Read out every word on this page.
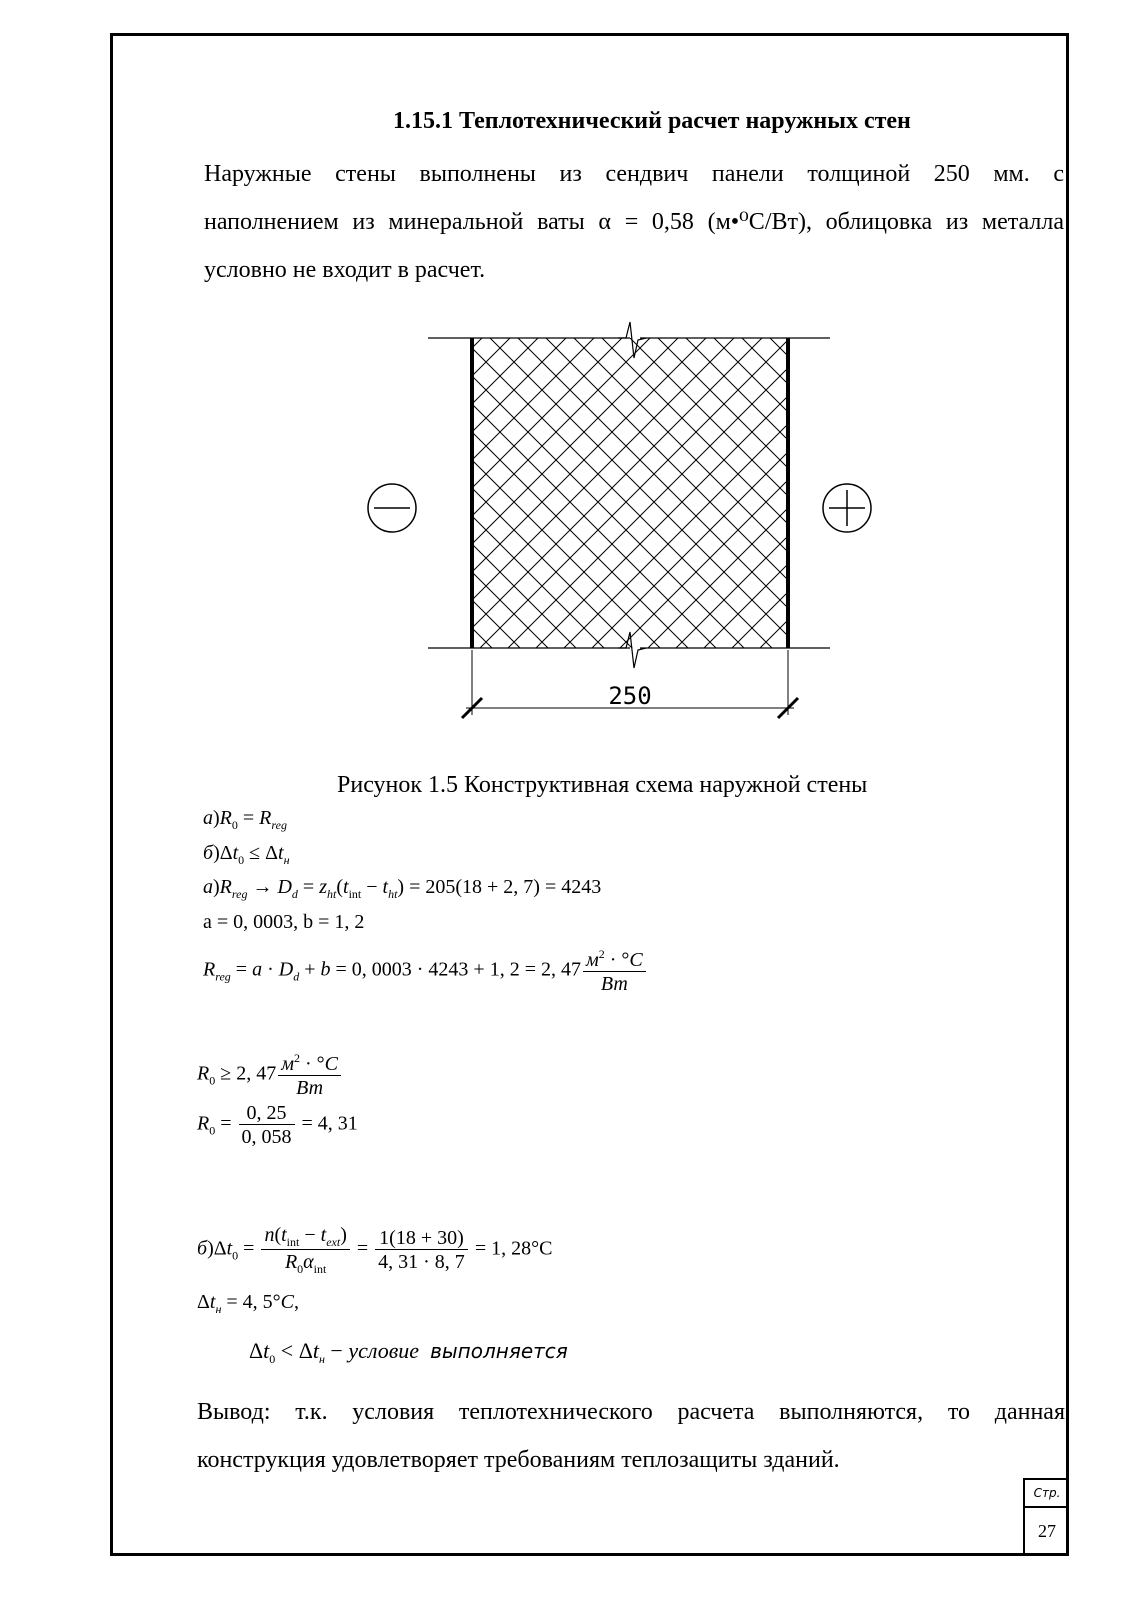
1.15.1 Теплотехнический расчет наружных стен
Наружные стены выполнены из сендвич панели толщиной 250 мм. с
наполнением из минеральной ваты α = 0,58 (м•⁰С/Вт), облицовка из металла
условно не входит в расчет.
250
Рисунок 1.5 Конструктивная схема наружной стены
$а)R_0 = R_{reg}$
$б)\Delta t_0 \le \Delta t_н$
$а)R_{reg} \to D_d = z_{ht}(t_{int} - t_{ht}) = 205(18 + 2$, 7) = 4243
a = 0, 0003, b = 1, 2
$R_{reg} = a \cdot D_d + b = 0$, 0003 · 4243 + 1, 2 = 2, $47 \frac{м^2 \cdot ^\circ C}{Вт}$
$R_0 \ge 2$, $47 \frac{м^2 \cdot ^\circ C}{Вт}$
$R_0 = \frac{0, 25}{0, 058} = 4$, 31
$б)\Delta t_0 = \frac{n(t_{int} - t_{ext})}{R_0\alpha_{int}} = \frac{1(18 + 30)}{4, 31 \cdot 8, 7} = 1$, 28°C
$\Delta t_н = 4$, 5°C,
$\Delta t_0 < \Delta t_н$ − условие выполняется
Вывод: т.к. условия теплотехнического расчета выполняются, то данная
конструкция удовлетворяет требованиям теплозащиты зданий.
Стр.
27
